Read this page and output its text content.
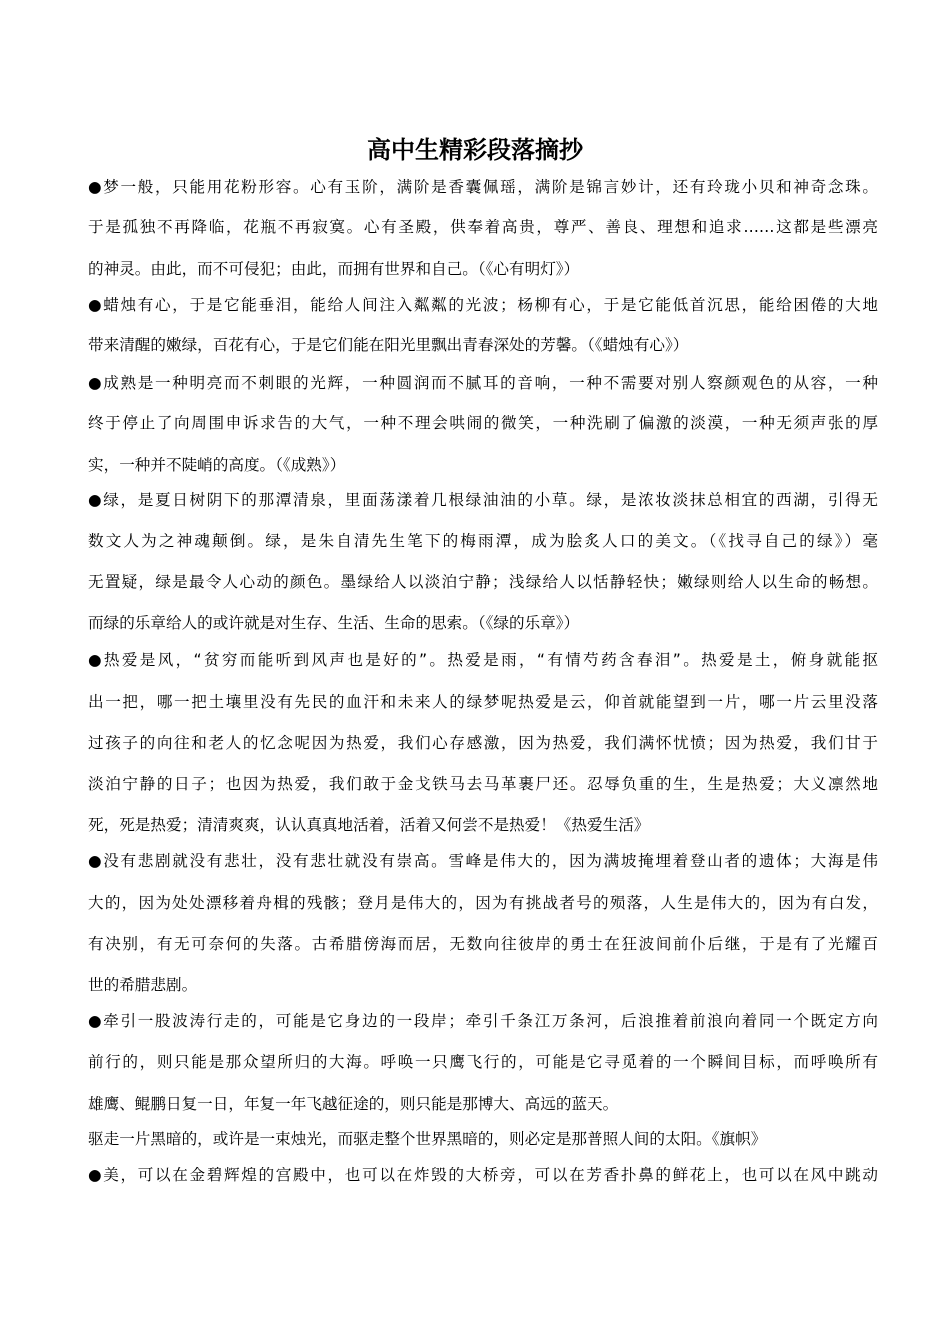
高中生精彩段落摘抄
●梦一般，只能用花粉形容。心有玉阶，满阶是香囊佩瑶，满阶是锦言妙计，还有玲珑小贝和神奇念珠。
于是孤独不再降临，花瓶不再寂寞。心有圣殿，供奉着高贵，尊严、善良、理想和追求……这都是些漂亮
的神灵。由此，而不可侵犯；由此，而拥有世界和自己。（《心有明灯》）
●蜡烛有心，于是它能垂泪，能给人间注入粼粼的光波；杨柳有心，于是它能低首沉思，能给困倦的大地
带来清醒的嫩绿，百花有心，于是它们能在阳光里飘出青春深处的芳馨。（《蜡烛有心》）
●成熟是一种明亮而不刺眼的光辉，一种圆润而不腻耳的音响，一种不需要对别人察颜观色的从容，一种
终于停止了向周围申诉求告的大气，一种不理会哄闹的微笑，一种洗刷了偏激的淡漠，一种无须声张的厚
实，一种并不陡峭的高度。（《成熟》）
●绿，是夏日树阴下的那潭清泉，里面荡漾着几根绿油油的小草。绿，是浓妆淡抹总相宜的西湖，引得无
数文人为之神魂颠倒。绿，是朱自清先生笔下的梅雨潭，成为脍炙人口的美文。（《找寻自己的绿》）毫
无置疑，绿是最令人心动的颜色。墨绿给人以淡泊宁静；浅绿给人以恬静轻快；嫩绿则给人以生命的畅想。
而绿的乐章给人的或许就是对生存、生活、生命的思索。（《绿的乐章》）
●热爱是风，“贫穷而能听到风声也是好的”。热爱是雨，“有情芍药含春泪”。热爱是土，俯身就能抠
出一把，哪一把土壤里没有先民的血汗和未来人的绿梦呢热爱是云，仰首就能望到一片，哪一片云里没落
过孩子的向往和老人的忆念呢因为热爱，我们心存感激，因为热爱，我们满怀忧愤；因为热爱，我们甘于
淡泊宁静的日子；也因为热爱，我们敢于金戈铁马去马革裹尸还。忍辱负重的生，生是热爱；大义凛然地
死，死是热爱；清清爽爽，认认真真地活着，活着又何尝不是热爱！《热爱生活》
●没有悲剧就没有悲壮，没有悲壮就没有崇高。雪峰是伟大的，因为满坡掩埋着登山者的遗体；大海是伟
大的，因为处处漂移着舟楫的残骸；登月是伟大的，因为有挑战者号的殒落，人生是伟大的，因为有白发，
有决别，有无可奈何的失落。古希腊傍海而居，无数向往彼岸的勇士在狂波间前仆后继，于是有了光耀百
世的希腊悲剧。
●牵引一股波涛行走的，可能是它身边的一段岸；牵引千条江万条河，后浪推着前浪向着同一个既定方向
前行的，则只能是那众望所归的大海。呼唤一只鹰飞行的，可能是它寻觅着的一个瞬间目标，而呼唤所有
雄鹰、鲲鹏日复一日，年复一年飞越征途的，则只能是那博大、高远的蓝天。
驱走一片黑暗的，或许是一束烛光，而驱走整个世界黑暗的，则必定是那普照人间的太阳。《旗帜》
●美，可以在金碧辉煌的宫殿中，也可以在炸毁的大桥旁，可以在芳香扑鼻的鲜花上，也可以在风中跳动
